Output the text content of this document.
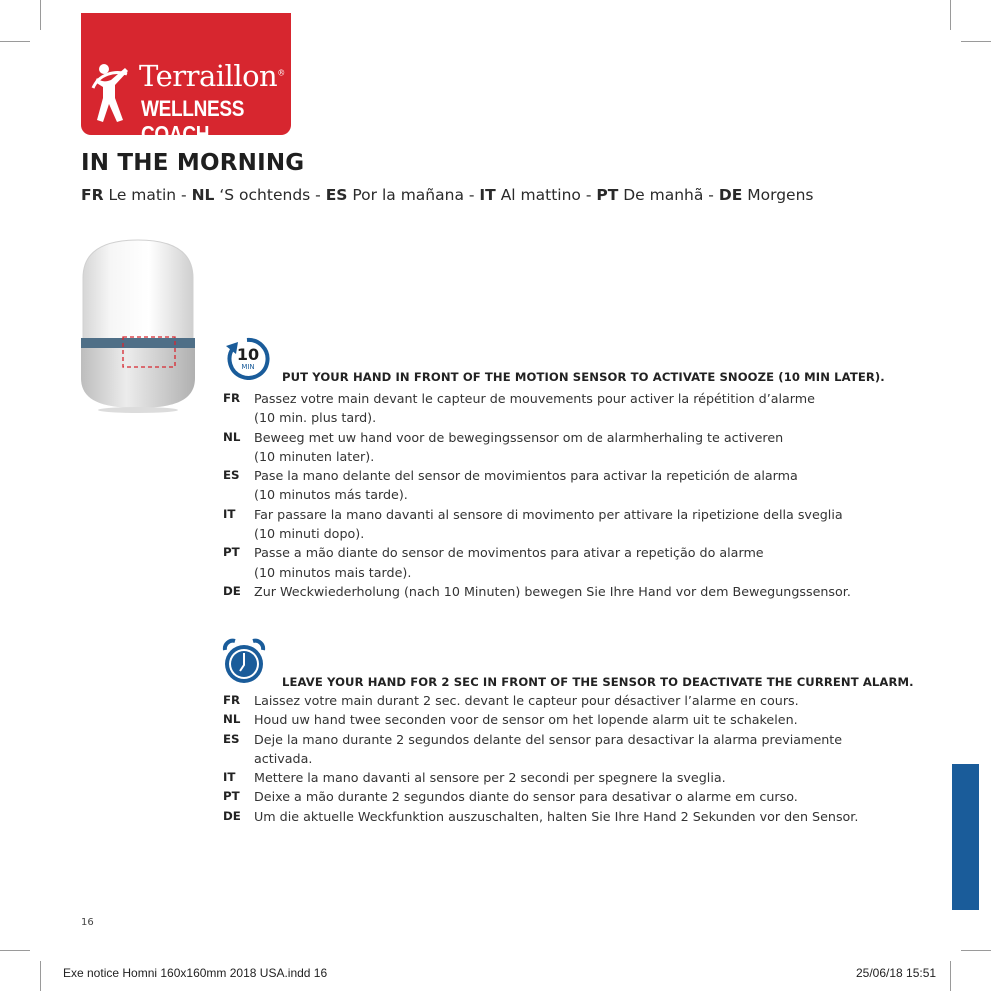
Terraillon®
WELLNESS COACH
IN THE MORNING
FR Le matin - NL ‘S ochtends - ES Por la mañana - IT Al mattino - PT De manhã - DE Morgens
10
MIN
PUT YOUR HAND IN FRONT OF THE MOTION SENSOR TO ACTIVATE SNOOZE (10 MIN LATER).
FR	Passez votre main devant le capteur de mouvements pour activer la répétition d’alarme
(10 min. plus tard).
NL	Beweeg met uw hand voor de bewegingssensor om de alarmherhaling te activeren
(10 minuten later).
ES	Pase la mano delante del sensor de movimientos para activar la repetición de alarma
(10 minutos más tarde).
IT	Far passare la mano davanti al sensore di movimento per attivare la ripetizione della sveglia
(10 minuti dopo).
PT	Passe a mão diante do sensor de movimentos para ativar a repetição do alarme
(10 minutos mais tarde).
DE	Zur Weckwiederholung (nach 10 Minuten) bewegen Sie Ihre Hand vor dem Bewegungssensor.
LEAVE YOUR HAND FOR 2 SEC IN FRONT OF THE SENSOR TO DEACTIVATE THE CURRENT ALARM.
FR	Laissez votre main durant 2 sec. devant le capteur pour désactiver l’alarme en cours.
NL	Houd uw hand twee seconden voor de sensor om het lopende alarm uit te schakelen.
ES	Deje la mano durante 2 segundos delante del sensor para desactivar la alarma previamente
activada.
IT	Mettere la mano davanti al sensore per 2 secondi per spegnere la sveglia.
PT	Deixe a mão durante 2 segundos diante do sensor para desativar o alarme em curso.
DE	Um die aktuelle Weckfunktion auszuschalten, halten Sie Ihre Hand 2 Sekunden vor den Sensor.
16
Exe notice Homni 160x160mm 2018 USA.indd 16	25/06/18 15:51
